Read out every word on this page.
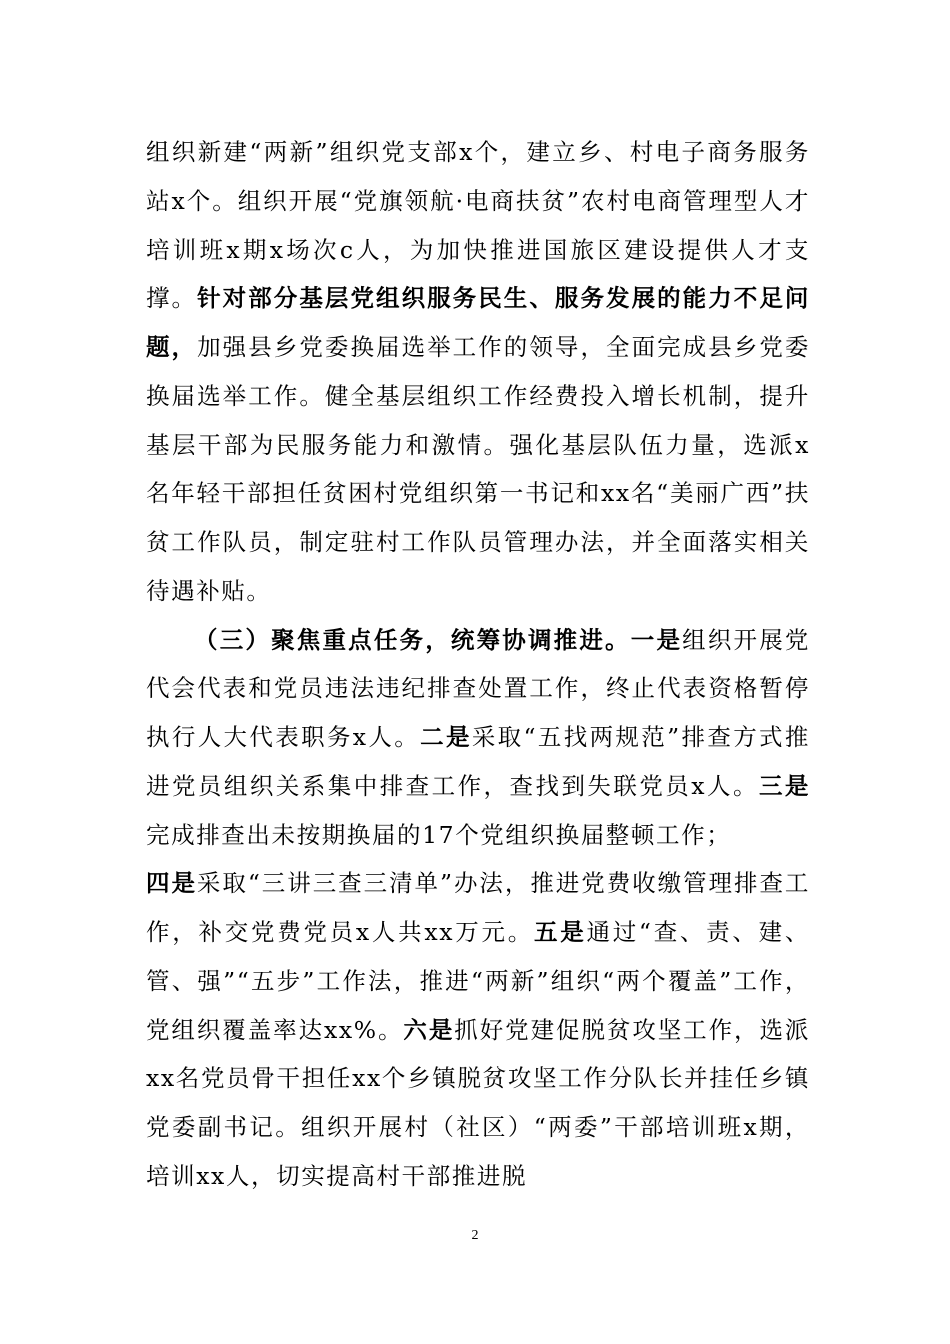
组织新建“两新”组织党支部x个，建立乡、村电子商务服务站x个。组织开展“党旗领航·电商扶贫”农村电商管理型人才培训班x期x场次c人，为加快推进国旅区建设提供人才支撑。针对部分基层党组织服务民生、服务发展的能力不足问题，加强县乡党委换届选举工作的领导，全面完成县乡党委换届选举工作。健全基层组织工作经费投入增长机制，提升基层干部为民服务能力和激情。强化基层队伍力量，选派x名年轻干部担任贫困村党组织第一书记和xx名“美丽广西”扶贫工作队员，制定驻村工作队员管理办法，并全面落实相关待遇补贴。

（三）聚焦重点任务，统筹协调推进。一是组织开展党代会代表和党员违法违纪排查处置工作，终止代表资格暂停执行人大代表职务x人。二是采取“五找两规范”排查方式推进党员组织关系集中排查工作，查找到失联党员x人。三是完成排查出未按期换届的17个党组织换届整顿工作；
四是采取“三讲三查三清单”办法，推进党费收缴管理排查工作，补交党费党员x人共xx万元。五是通过“查、责、建、管、强”“五步”工作法，推进“两新”组织“两个覆盖”工作，党组织覆盖率达xx%。六是抓好党建促脱贫攻坚工作，选派xx名党员骨干担任xx个乡镇脱贫攻坚工作分队长并挂任乡镇党委副书记。组织开展村（社区）“两委”干部培训班x期，培训xx人，切实提高村干部推进脱

2
